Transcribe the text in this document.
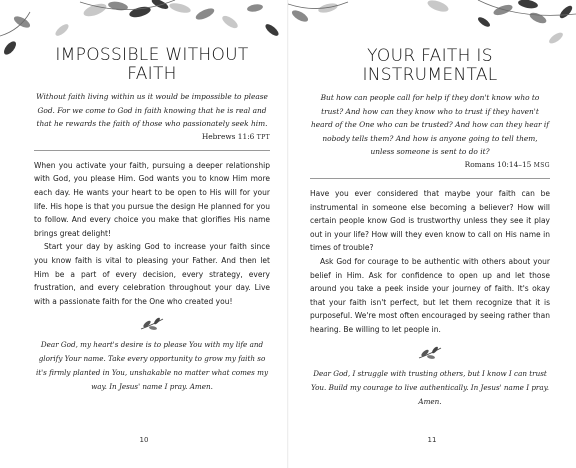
IMPOSSIBLE WITHOUT FAITH

Without faith living within us it would be impossible to please God. For we come to God in faith knowing that he is real and that he rewards the faith of those who passionately seek him.

Hebrews 11:6 TPT

When you activate your faith, pursuing a deeper relationship with God, you please Him. God wants you to know Him more each day. He wants your heart to be open to His will for your life. His hope is that you pursue the design He planned for you to follow. And every choice you make that glorifies His name brings great delight!

Start your day by asking God to increase your faith since you know faith is vital to pleasing your Father. And then let Him be a part of every decision, every strategy, every frustration, and every celebration throughout your day. Live with a passionate faith for the One who created you!

Dear God, my heart's desire is to please You with my life and glorify Your name. Take every opportunity to grow my faith so it's firmly planted in You, unshakable no matter what comes my way. In Jesus' name I pray. Amen.

10
YOUR FAITH IS
INSTRUMENTAL

But how can people call for help if they don't know who to trust? And how can they know who to trust if they haven't heard of the One who can be trusted? And how can they hear if nobody tells them? And how is anyone going to tell them, unless someone is sent to do it?

Romans 10:14–15 MSG

Have you ever considered that maybe your faith can be instrumental in someone else becoming a believer? How will certain people know God is trustworthy unless they see it play out in your life? How will they even know to call on His name in times of trouble?

Ask God for courage to be authentic with others about your belief in Him. Ask for confidence to open up and let those around you take a peek inside your journey of faith. It's okay that your faith isn't perfect, but let them recognize that it is purposeful. We're most often encouraged by seeing rather than hearing. Be willing to let people in.

Dear God, I struggle with trusting others, but I know I can trust You. Build my courage to live authentically. In Jesus' name I pray. Amen.

11
